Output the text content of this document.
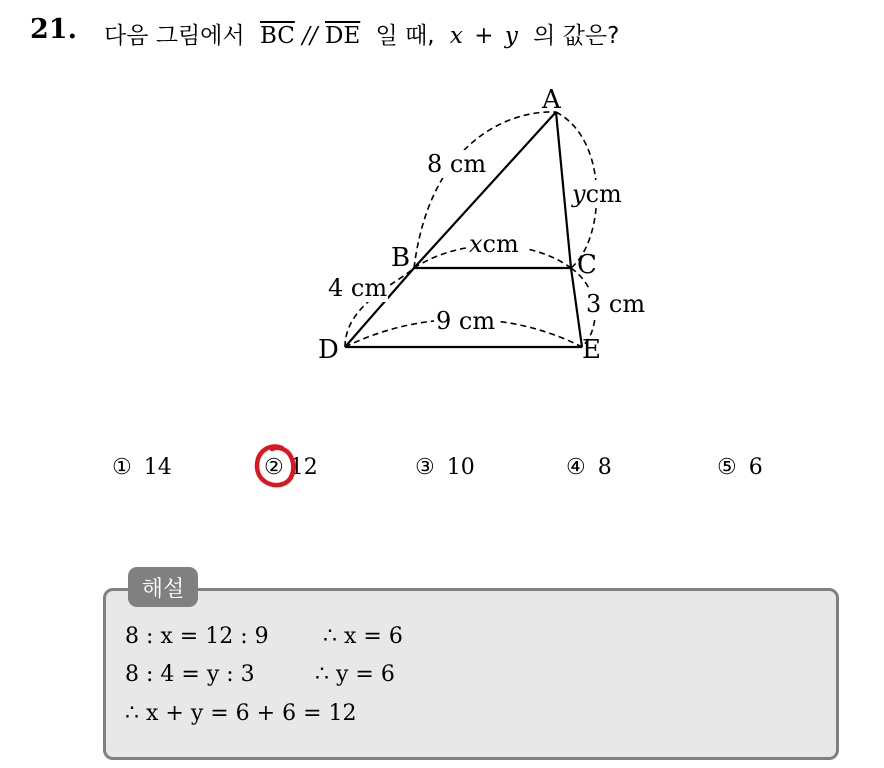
21. 다음 그림에서 $\overline{BC} // \overline{DE}$ 일 때, x + y 의 값은?
A
B	C
D	E
8 cm
ycm
xcm
4 cm
3 cm
9 cm
① 14	② 12	③ 10	④ 8	⑤ 6
해설
8 : x = 12 : 9 ∴ x = 6
8 : 4 = y : 3	∴ y = 6
∴ x + y = 6 + 6 = 12
